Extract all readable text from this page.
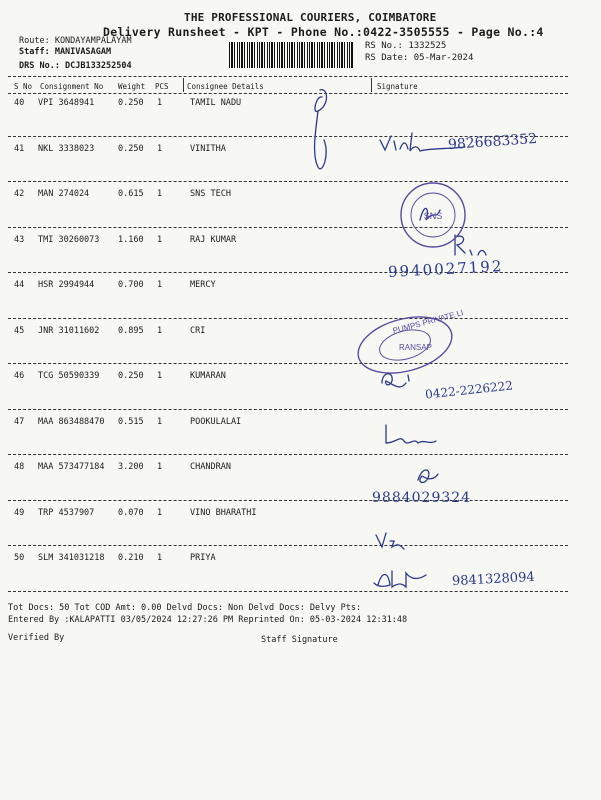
THE PROFESSIONAL COURIERS, COIMBATORE
Delivery Runsheet - KPT - Phone No.:0422-3505555 - Page No.:4
Route: KONDAYAMPALAYAM
Staff: MANIVASAGAM
DRS No.: DCJB133252504
RS No.: 1332525
RS Date: 05-Mar-2024
S No Consignment No Weight PCS Consignee Details	Signature
40 VPI 3648941	0.250 1	TAMIL NADU
41 NKL 3338023	0.250 1	VINITHA
42 MAN 274024	0.615 1	SNS TECH
43 TMI 30260073 1.160 1	RAJ KUMAR
44 HSR 2994944	0.700 1	MERCY
45 JNR 31011602 0.895 1	CRI
46 TCG 50590339 0.250 1	KUMARAN
47 MAA 863488470 0.515 1	POOKULALAI
48 MAA 573477184 3.200 1	CHANDRAN
49 TRP 4537907	0.070 1	VINO BHARATHI
50 SLM 341031218 0.210 1	PRIYA
SNS
PUMPS PRIVATE LI
RANSAP
9826683352
9940027192
0422-2226222
9884029324
9841328094
Tot Docs: 50 Tot COD Amt: 0.00 Delvd Docs: Non Delvd Docs: Delvy Pts:
Entered By :KALAPATTI 03/05/2024 12:27:26 PM Reprinted On: 05-03-2024 12:31:48
Verified By	Staff Signature
